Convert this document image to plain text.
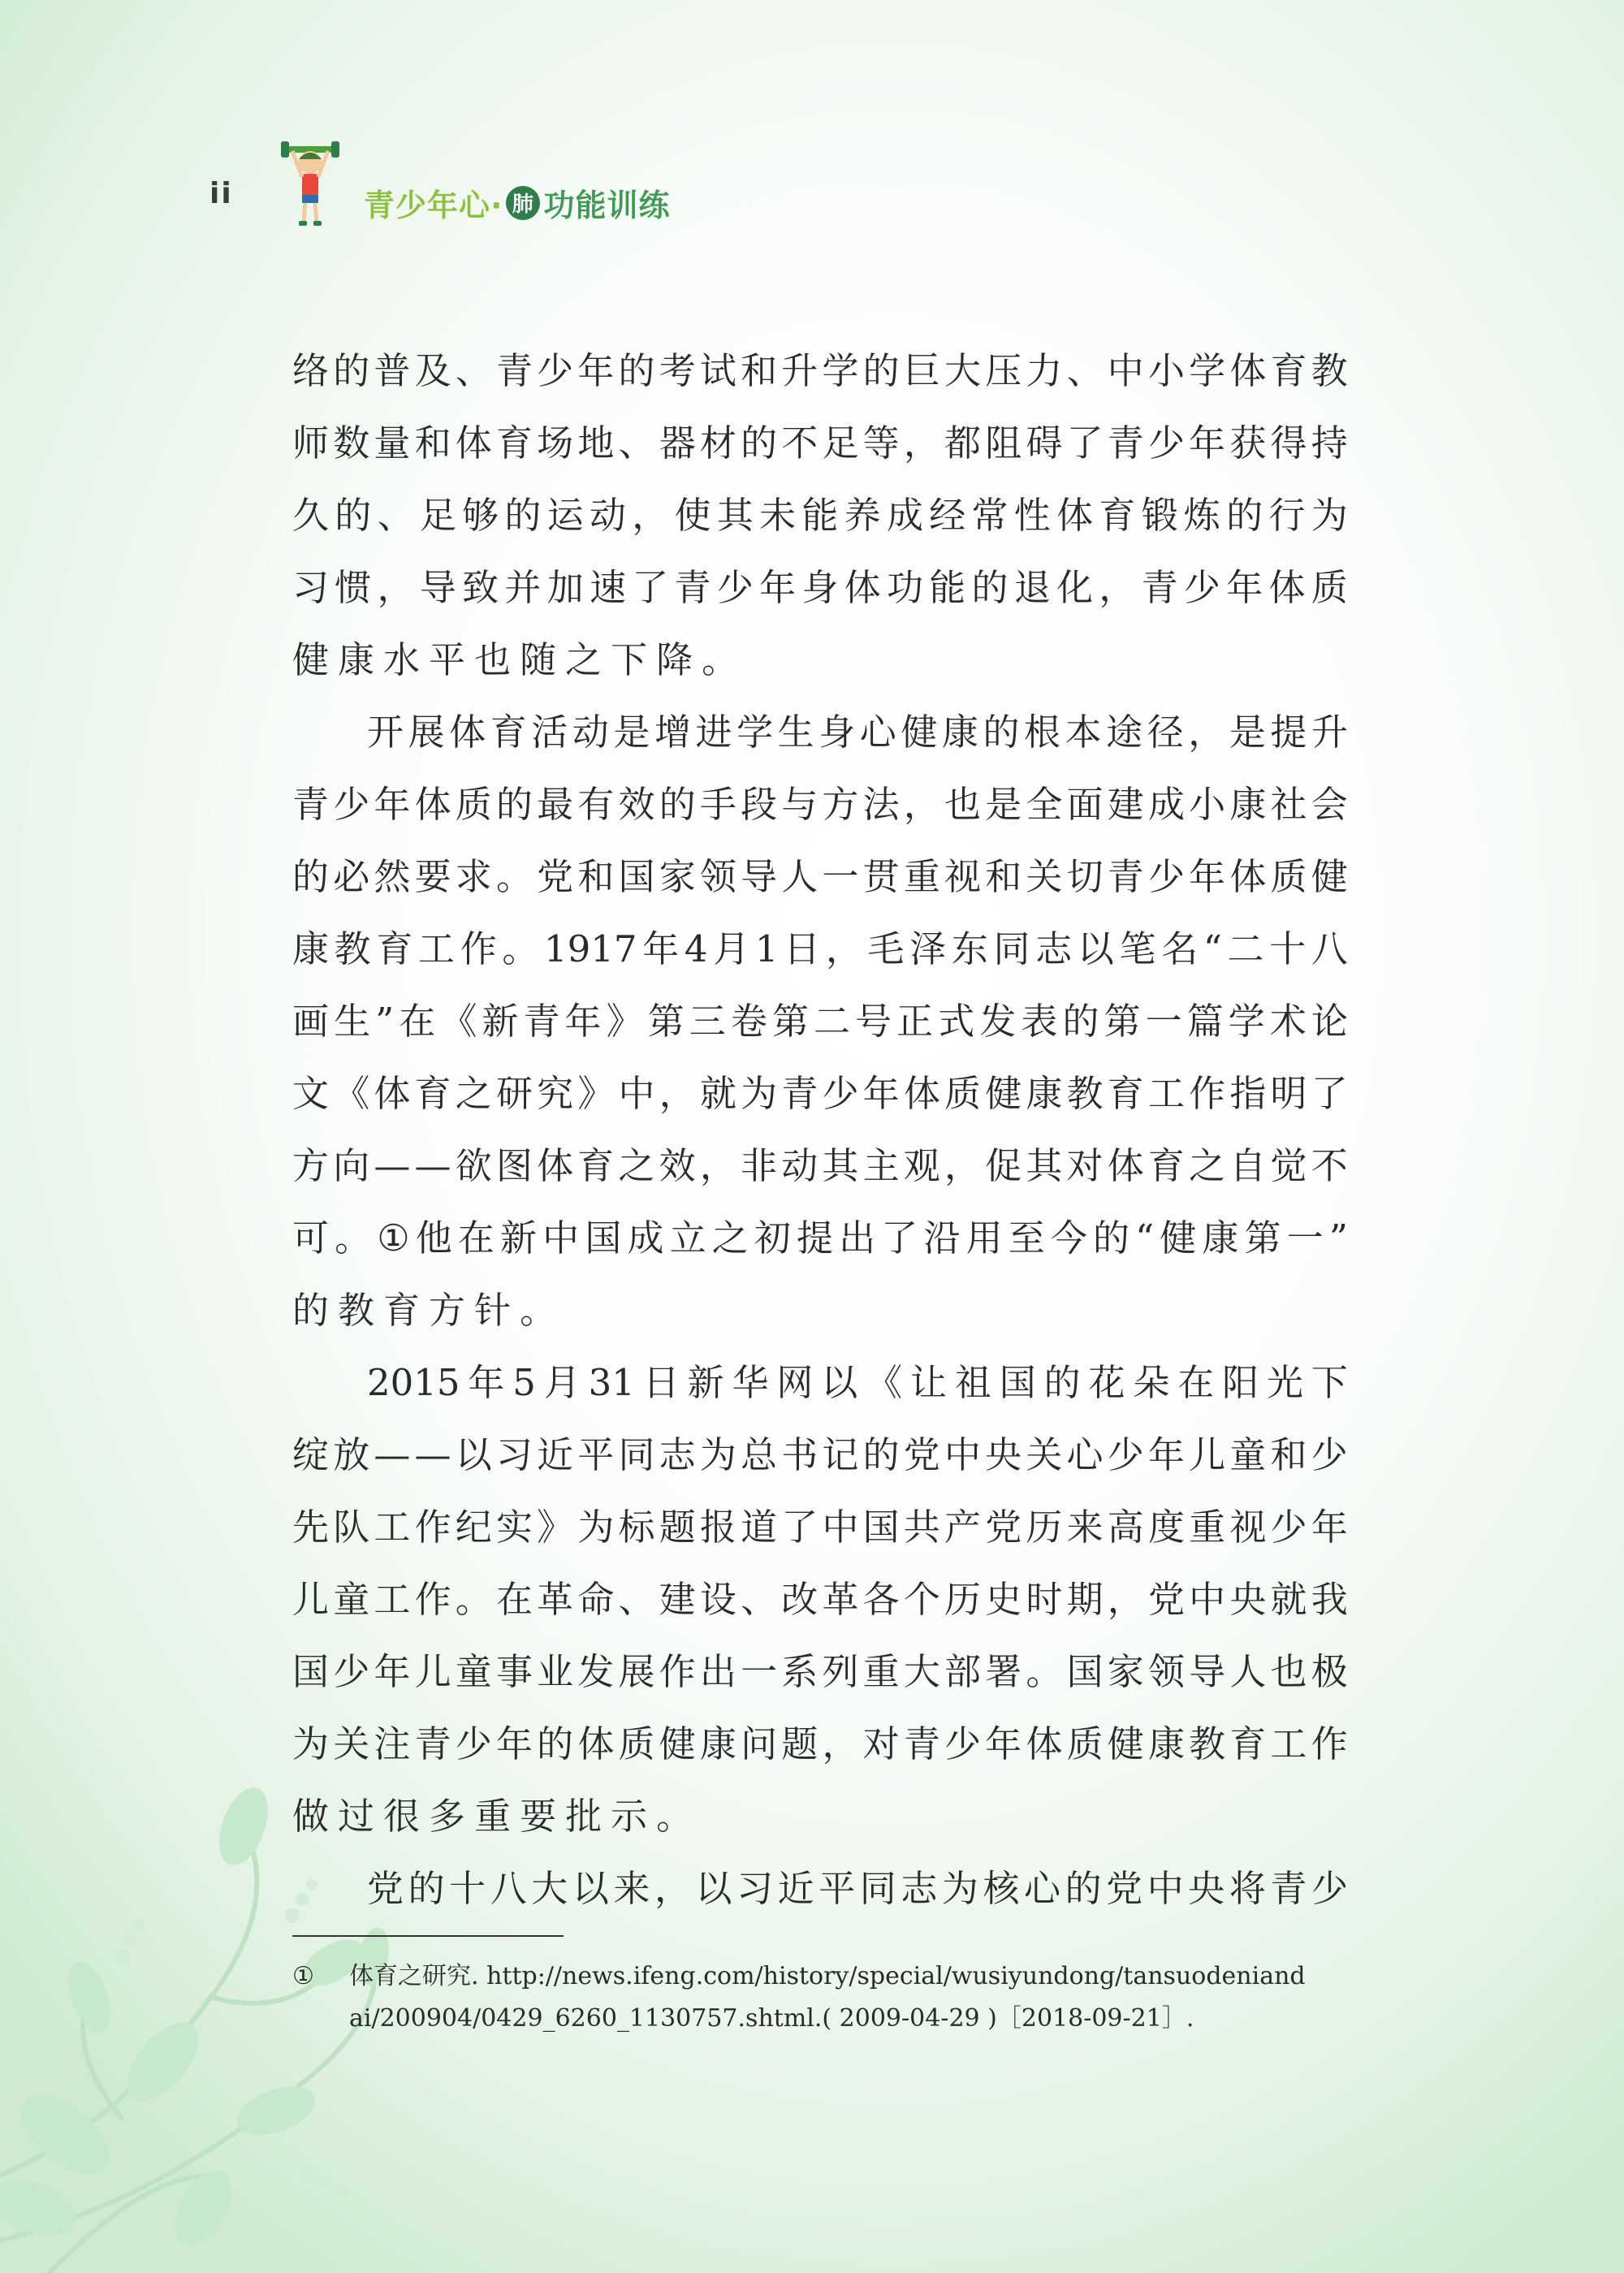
ii	青少年心· 肺 功能训练
络 的 普 及 、 青 少 年 的 考 试 和 升 学 的 巨 大 压 力 、 中 小 学 体 育 教
师 数 量 和 体 育 场 地 、 器 材 的 不 足 等 ， 都 阻 碍 了 青 少 年 获 得 持
久 的 、 足 够 的 运 动 ， 使 其 未 能 养 成 经 常 性 体 育 锻 炼 的 行 为
习 惯 ， 导 致 并 加 速 了 青 少 年 身 体 功 能 的 退 化 ， 青 少 年 体 质
健 康 水 平 也 随 之 下 降 。
开 展 体 育 活 动 是 增 进 学 生 身 心 健 康 的 根 本 途 径 ， 是 提 升
青 少 年 体 质 的 最 有 效 的 手 段 与 方 法 ， 也 是 全 面 建 成 小 康 社 会
的 必 然 要 求 。 党 和 国 家 领 导 人 一 贯 重 视 和 关 切 青 少 年 体 质 健
康 教 育 工 作 。 1917 年 4 月 1 日 ， 毛 泽 东 同 志 以 笔 名 “ 二 十 八
画 生 ” 在 《 新 青 年 》 第 三 卷 第 二 号 正 式 发 表 的 第 一 篇 学 术 论
文 《 体 育 之 研 究 》 中 ， 就 为 青 少 年 体 质 健 康 教 育 工 作 指 明 了
方 向 — — 欲 图 体 育 之 效 ， 非 动 其 主 观 ， 促 其 对 体 育 之 自 觉 不
可 。 ① 他 在 新 中 国 成 立 之 初 提 出 了 沿 用 至 今 的 “ 健 康 第 一 ”
的 教 育 方 针 。
2015 年 5 月 31 日 新 华 网 以 《 让 祖 国 的 花 朵 在 阳 光 下
绽 放 — — 以 习 近 平 同 志 为 总 书 记 的 党 中 央 关 心 少 年 儿 童 和 少
先 队 工 作 纪 实 》 为 标 题 报 道 了 中 国 共 产 党 历 来 高 度 重 视 少 年
儿 童 工 作 。 在 革 命 、 建 设 、 改 革 各 个 历 史 时 期 ， 党 中 央 就 我
国 少 年 儿 童 事 业 发 展 作 出 一 系 列 重 大 部 署 。 国 家 领 导 人 也 极
为 关 注 青 少 年 的 体 质 健 康 问 题 ， 对 青 少 年 体 质 健 康 教 育 工 作
做 过 很 多 重 要 批 示 。
党 的 十 八 大 以 来 ， 以 习 近 平 同 志 为 核 心 的 党 中 央 将 青 少
① 体育之研究. http://news.ifeng.com/history/special/wusiyundong/tansuodeniand
ai/200904/0429_6260_1130757.shtml.( 2009-04-29 )［2018-09-21］.
